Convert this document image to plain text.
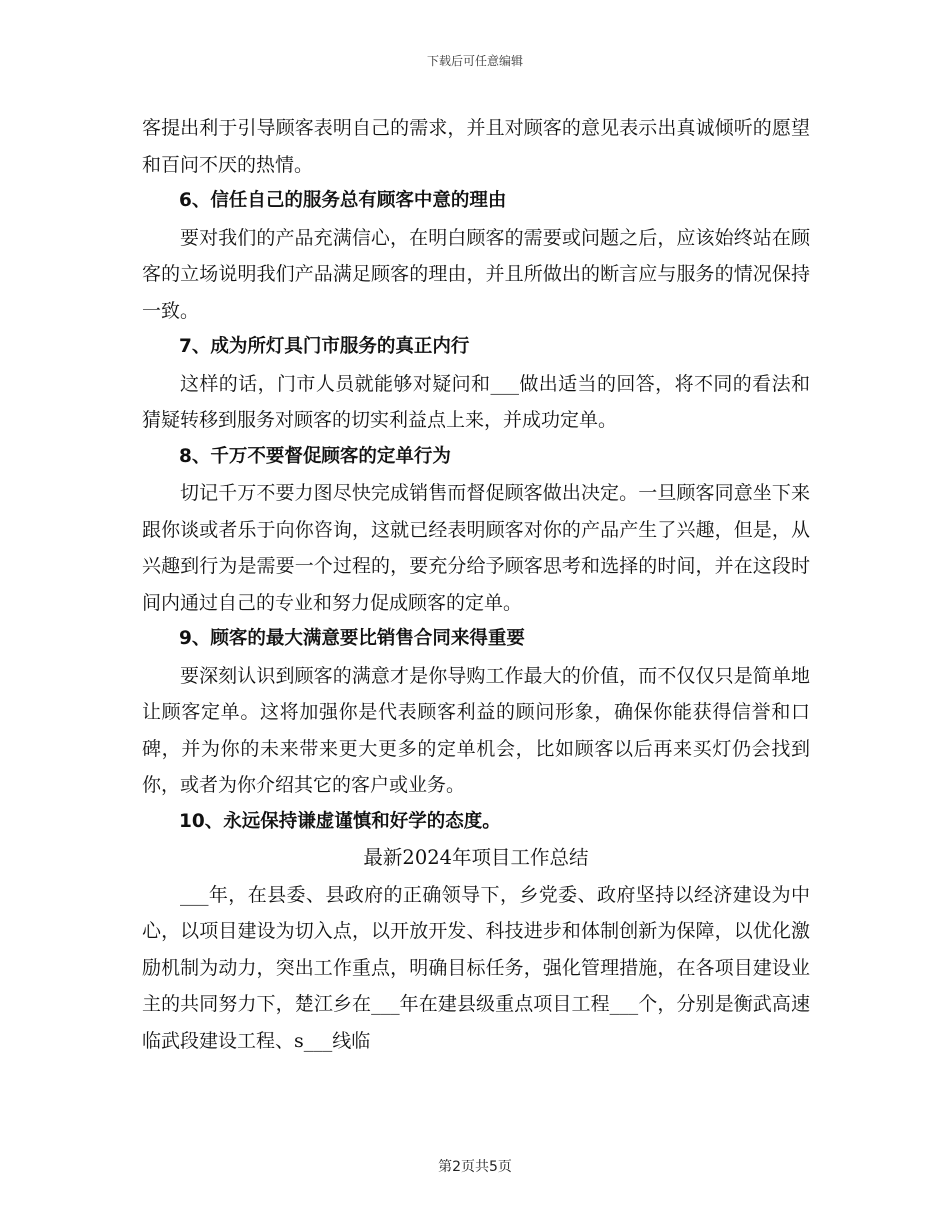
下载后可任意编辑

客提出利于引导顾客表明自己的需求，并且对顾客的意见表示出真诚倾听的愿望和百问不厌的热情。

6、信任自己的服务总有顾客中意的理由

要对我们的产品充满信心，在明白顾客的需要或问题之后，应该始终站在顾客的立场说明我们产品满足顾客的理由，并且所做出的断言应与服务的情况保持一致。

7、成为所灯具门市服务的真正内行

这样的话，门市人员就能够对疑问和___做出适当的回答，将不同的看法和猜疑转移到服务对顾客的切实利益点上来，并成功定单。

8、千万不要督促顾客的定单行为

切记千万不要力图尽快完成销售而督促顾客做出决定。一旦顾客同意坐下来跟你谈或者乐于向你咨询，这就已经表明顾客对你的产品产生了兴趣，但是，从兴趣到行为是需要一个过程的，要充分给予顾客思考和选择的时间，并在这段时间内通过自己的专业和努力促成顾客的定单。

9、顾客的最大满意要比销售合同来得重要

要深刻认识到顾客的满意才是你导购工作最大的价值，而不仅仅只是简单地让顾客定单。这将加强你是代表顾客利益的顾问形象，确保你能获得信誉和口碑，并为你的未来带来更大更多的定单机会，比如顾客以后再来买灯仍会找到你，或者为你介绍其它的客户或业务。

10、永远保持谦虚谨慎和好学的态度。

最新2024年项目工作总结

___年，在县委、县政府的正确领导下，乡党委、政府坚持以经济建设为中心，以项目建设为切入点，以开放开发、科技进步和体制创新为保障，以优化激励机制为动力，突出工作重点，明确目标任务，强化管理措施，在各项目建设业主的共同努力下，楚江乡在___年在建县级重点项目工程___个，分别是衡武高速临武段建设工程、s___线临

第2页共5页
